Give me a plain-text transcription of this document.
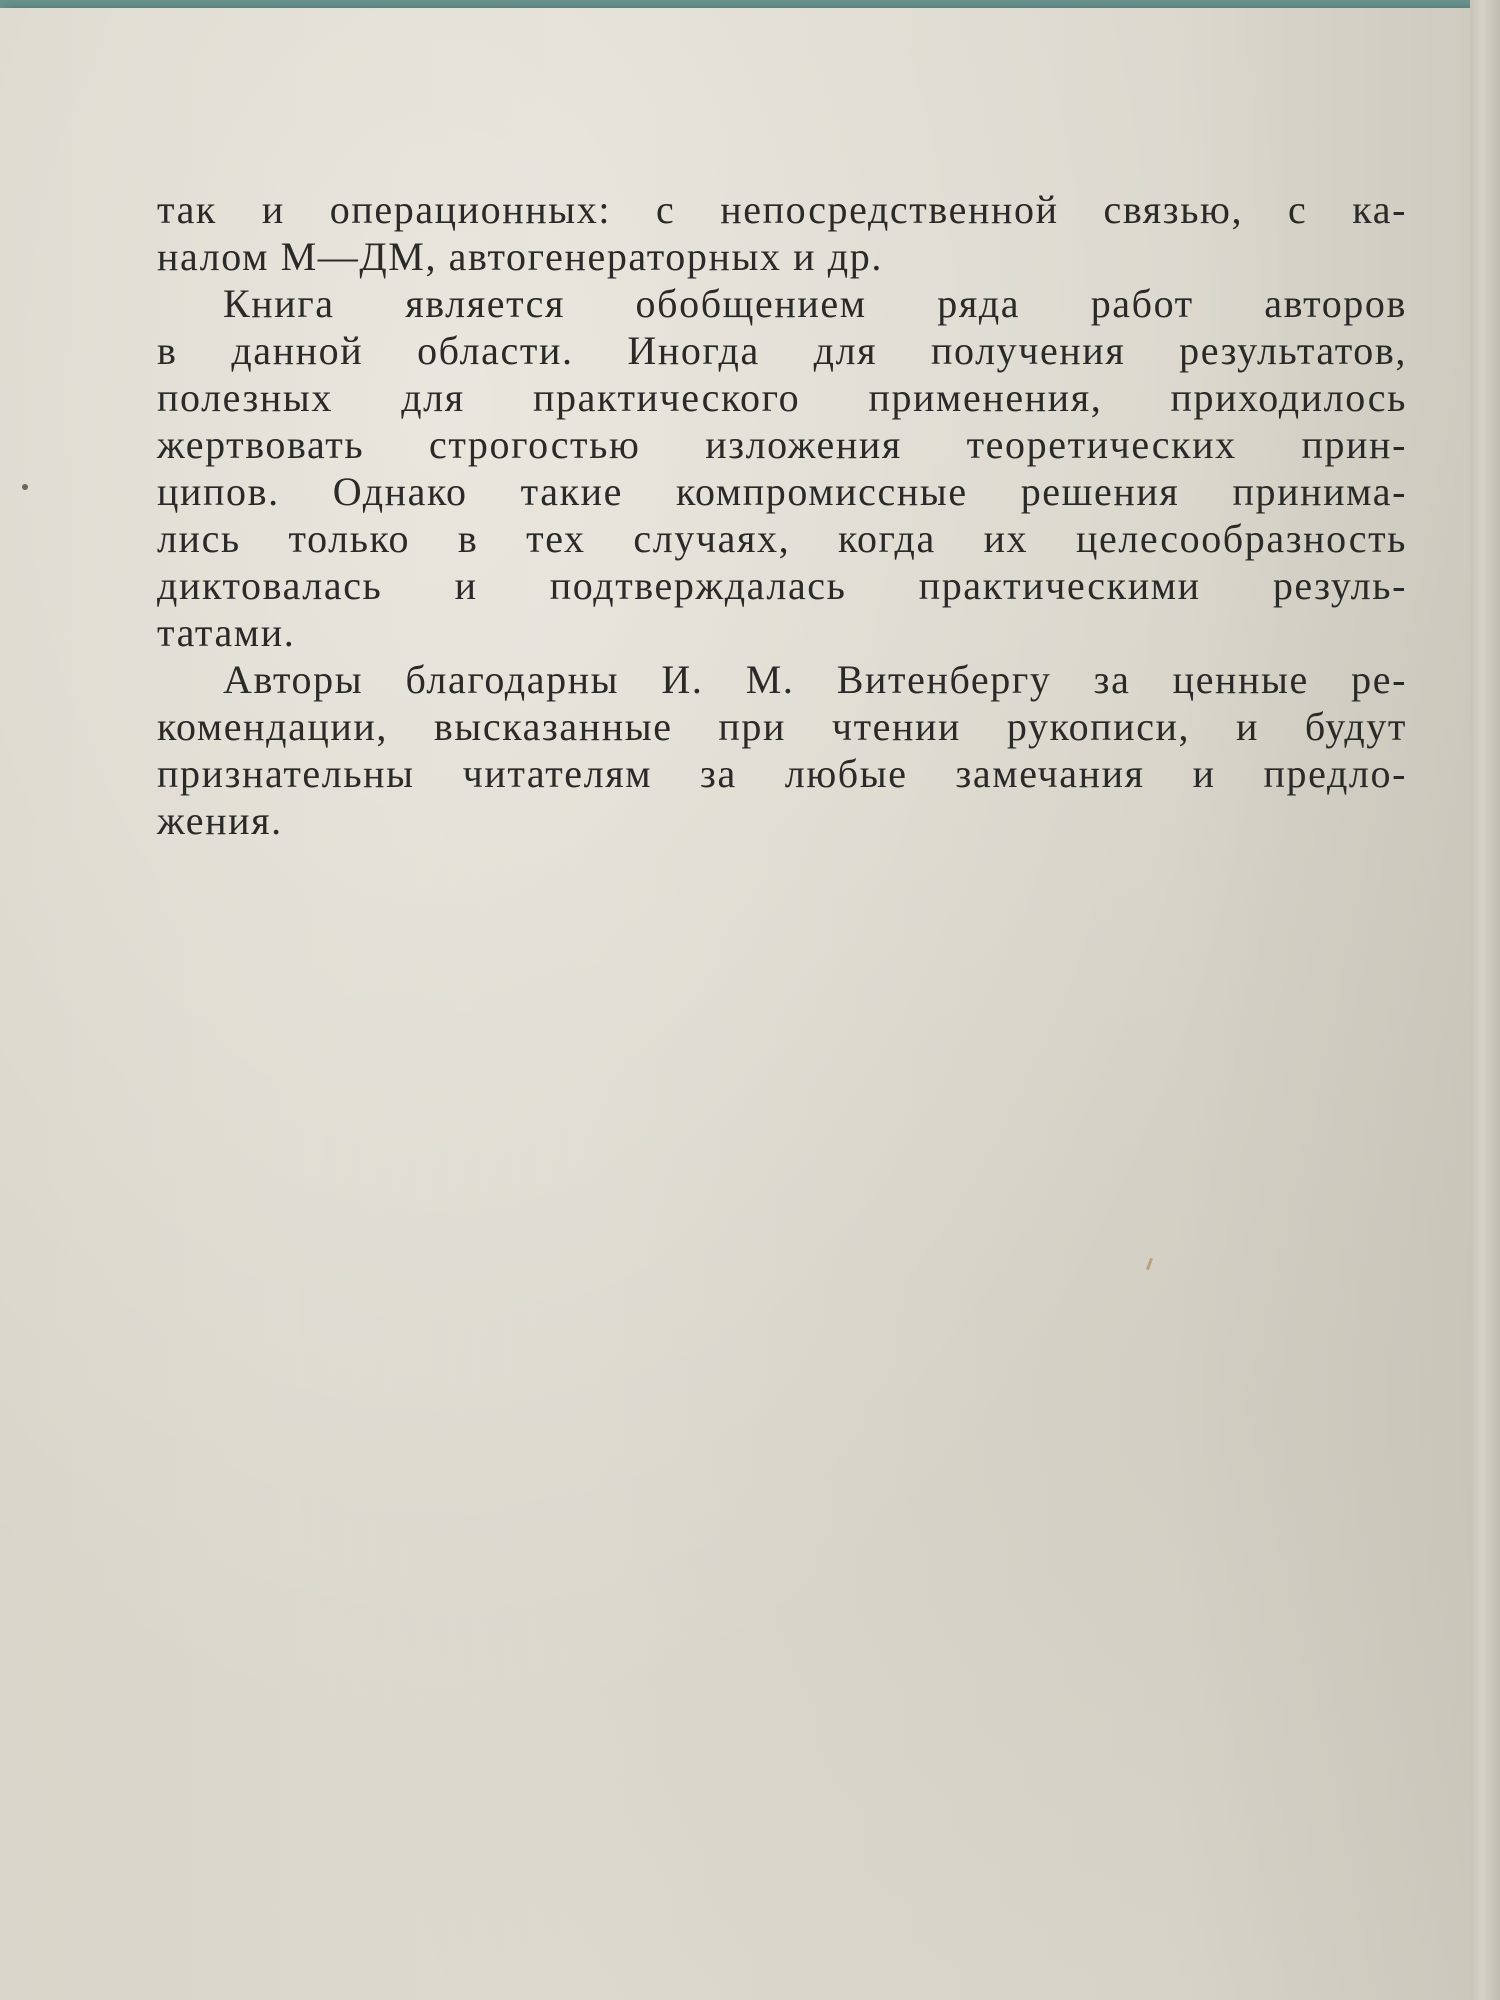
так и операционных: с непосредственной связью, с ка-
налом М—ДМ, автогенераторных и др.
Книга является обобщением ряда работ авторов
в данной области. Иногда для получения результатов,
полезных для практического применения, приходилось
жертвовать строгостью изложения теоретических прин-
ципов. Однако такие компромиссные решения принима-
лись только в тех случаях, когда их целесообразность
диктовалась и подтверждалась практическими резуль-
татами.
Авторы благодарны И. М. Витенбергу за ценные ре-
комендации, высказанные при чтении рукописи, и будут
признательны читателям за любые замечания и предло-
жения.
